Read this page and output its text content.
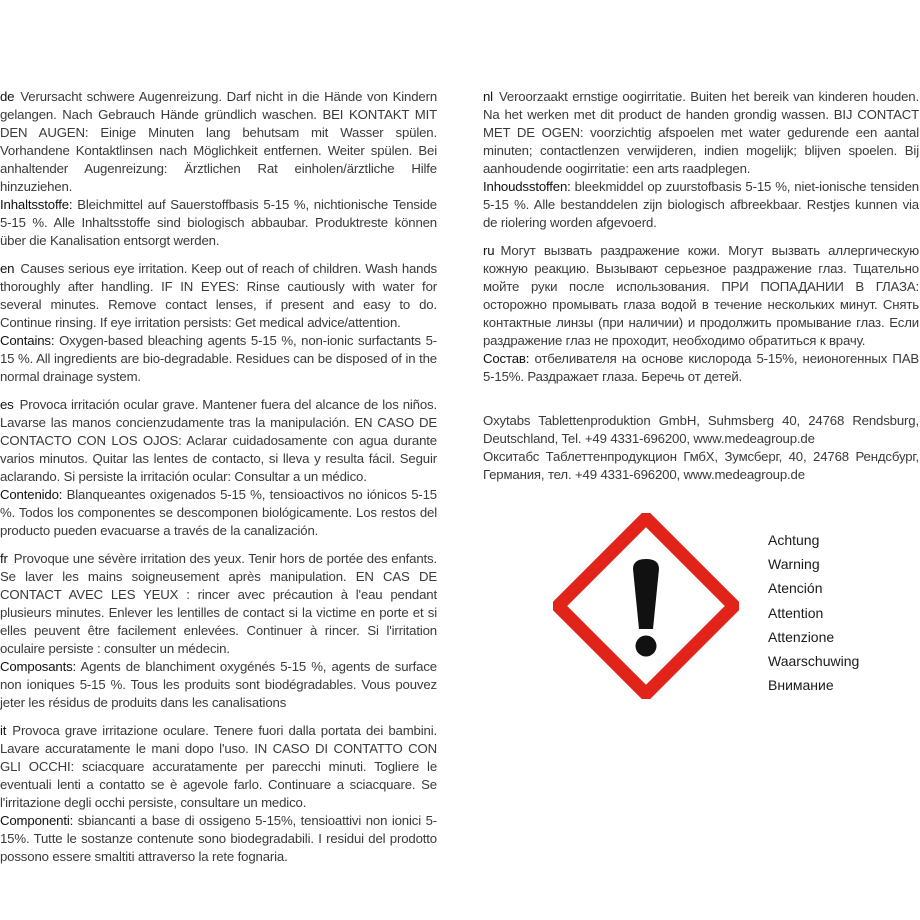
de Verursacht schwere Augenreizung. Darf nicht in die Hände von Kindern gelangen. Nach Gebrauch Hände gründlich waschen. BEI KONTAKT MIT DEN AUGEN: Einige Minuten lang behutsam mit Wasser spülen. Vorhandene Kontaktlinsen nach Möglichkeit entfernen. Weiter spülen. Bei anhaltender Augenreizung: Ärztlichen Rat einholen/ärztliche Hilfe hinzuziehen.

Inhaltsstoffe: Bleichmittel auf Sauerstoffbasis 5-15 %, nichtionische Tenside 5-15 %. Alle Inhaltsstoffe sind biologisch abbaubar. Produktreste können über die Kanalisation entsorgt werden.

en Causes serious eye irritation. Keep out of reach of children. Wash hands thoroughly after handling. IF IN EYES: Rinse cautiously with water for several minutes. Remove contact lenses, if present and easy to do. Continue rinsing. If eye irritation persists: Get medical advice/attention.

Contains: Oxygen-based bleaching agents 5-15 %, non-ionic surfactants 5-15 %. All ingredients are bio-degradable. Residues can be disposed of in the normal drainage system.

es Provoca irritación ocular grave. Mantener fuera del alcance de los niños. Lavarse las manos concienzudamente tras la manipulación. EN CASO DE CONTACTO CON LOS OJOS: Aclarar cuidadosamente con agua durante varios minutos. Quitar las lentes de contacto, si lleva y resulta fácil. Seguir aclarando. Si persiste la irritación ocular: Consultar a un médico.

Contenido: Blanqueantes oxigenados 5-15 %, tensioactivos no iónicos 5-15 %. Todos los componentes se descomponen biológicamente. Los restos del producto pueden evacuarse a través de la canalización.

fr Provoque une sévère irritation des yeux. Tenir hors de portée des enfants. Se laver les mains soigneusement après manipulation. EN CAS DE CONTACT AVEC LES YEUX : rincer avec précaution à l'eau pendant plusieurs minutes. Enlever les lentilles de contact si la victime en porte et si elles peuvent être facilement enlevées. Continuer à rincer. Si l'irritation oculaire persiste : consulter un médecin.

Composants: Agents de blanchiment oxygénés 5-15 %, agents de surface non ioniques 5-15 %. Tous les produits sont biodégradables. Vous pouvez jeter les résidus de produits dans les canalisations

it Provoca grave irritazione oculare. Tenere fuori dalla portata dei bambini. Lavare accuratamente le mani dopo l'uso. IN CASO DI CONTATTO CON GLI OCCHI: sciacquare accuratamente per parecchi minuti. Togliere le eventuali lenti a contatto se è agevole farlo. Continuare a sciacquare. Se l'irritazione degli occhi persiste, consultare un medico.

Componenti: sbiancanti a base di ossigeno 5-15%, tensioattivi non ionici 5-15%. Tutte le sostanze contenute sono biodegradabili. I residui del prodotto possono essere smaltiti attraverso la rete fognaria.

nl Veroorzaakt ernstige oogirritatie. Buiten het bereik van kinderen houden. Na het werken met dit product de handen grondig wassen. BIJ CONTACT MET DE OGEN: voorzichtig afspoelen met water gedurende een aantal minuten; contactlenzen verwijderen, indien mogelijk; blijven spoelen. Bij aanhoudende oogirritatie: een arts raadplegen.

Inhoudsstoffen: bleekmiddel op zuurstofbasis 5-15 %, niet-ionische tensiden 5-15 %. Alle bestanddelen zijn biologisch afbreekbaar. Restjes kunnen via de riolering worden afgevoerd.

ru Могут вызвать раздражение кожи. Могут вызвать аллергическую кожную реакцию. Вызывают серьезное раздражение глаз. Тщательно мойте руки после использования. ПРИ ПОПАДАНИИ В ГЛАЗА: осторожно промывать глаза водой в течение нескольких минут. Снять контактные линзы (при наличии) и продолжить промывание глаз. Если раздражение глаз не проходит, необходимо обратиться к врачу.

Состав: отбеливателя на основе кислорода 5-15%, неионогенных ПАВ 5-15%. Раздражает глаза. Беречь от детей.

Oxytabs Tablettenproduktion GmbH, Suhmsberg 40, 24768 Rendsburg, Deutschland, Tel. +49 4331-696200, www.medeagroup.de

Окситабс Таблеттенпродукцион ГмбХ, Зумсберг, 40, 24768 Рендсбург, Германия, тел. +49 4331-696200, www.medeagroup.de

Achtung
Warning
Atención
Attention
Attenzione
Waarschuwing
Внимание
